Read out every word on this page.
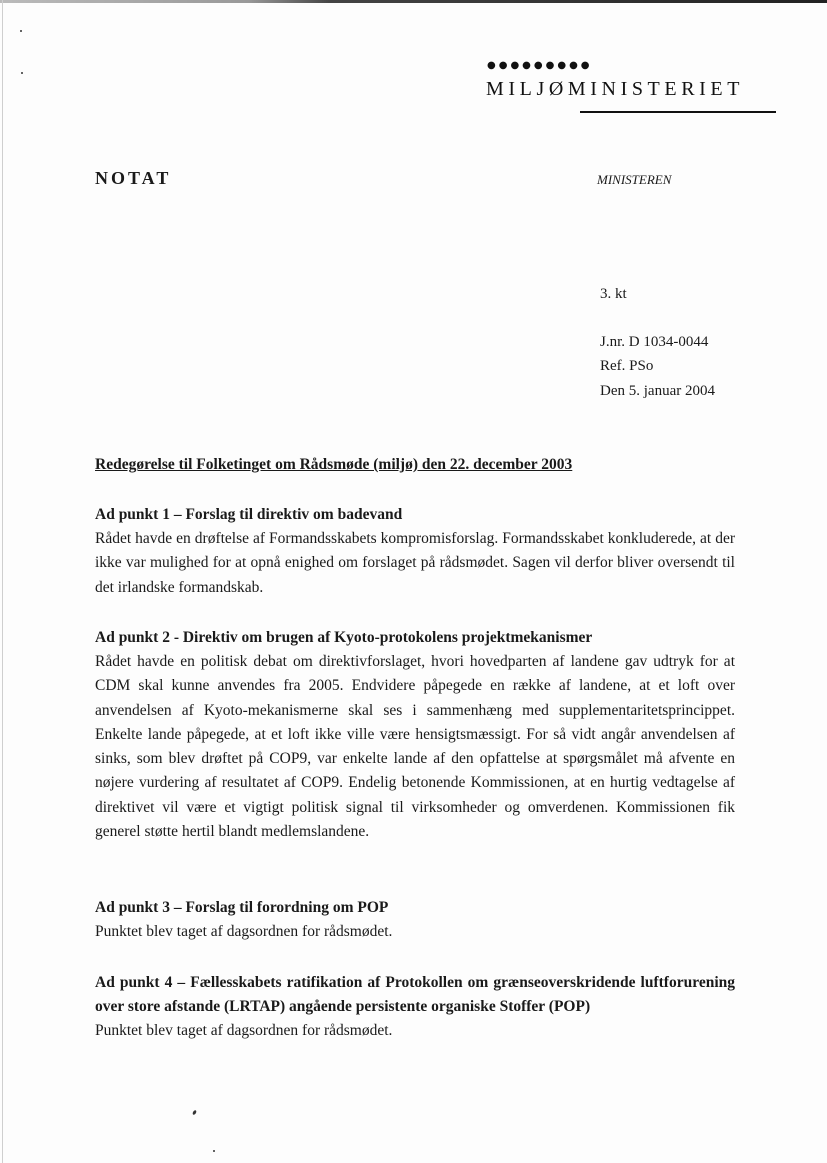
●●●●●●●●●
MILJØMINISTERIET
NOTAT	MINISTEREN
3. kt
J.nr. D 1034-0044
Ref. PSo
Den 5. januar 2004
Redegørelse til Folketinget om Rådsmøde (miljø) den 22. december 2003

Ad punkt 1 – Forslag til direktiv om badevand

Rådet havde en drøftelse af Formandsskabets kompromisforslag. Formandsskabet konkluderede, at der ikke var mulighed for at opnå enighed om forslaget på rådsmødet. Sagen vil derfor bliver oversendt til det irlandske formandskab.

Ad punkt 2 - Direktiv om brugen af Kyoto-protokolens projektmekanismer

Rådet havde en politisk debat om direktivforslaget, hvori hovedparten af landene gav udtryk for at CDM skal kunne anvendes fra 2005. Endvidere påpegede en række af landene, at et loft over anvendelsen af Kyoto-mekanismerne skal ses i sammenhæng med supplementaritetsprincippet. Enkelte lande påpegede, at et loft ikke ville være hensigtsmæssigt. For så vidt angår anvendelsen af sinks, som blev drøftet på COP9, var enkelte lande af den opfattelse at spørgsmålet må afvente en nøjere vurdering af resultatet af COP9. Endelig betonende Kommissionen, at en hurtig vedtagelse af direktivet vil være et vigtigt politisk signal til virksomheder og omverdenen. Kommissionen fik generel støtte hertil blandt medlemslandene.

Ad punkt 3 – Forslag til forordning om POP

Punktet blev taget af dagsordnen for rådsmødet.

Ad punkt 4 – Fællesskabets ratifikation af Protokollen om grænseoverskridende luftforurening over store afstande (LRTAP) angående persistente organiske Stoffer (POP)

Punktet blev taget af dagsordnen for rådsmødet.
